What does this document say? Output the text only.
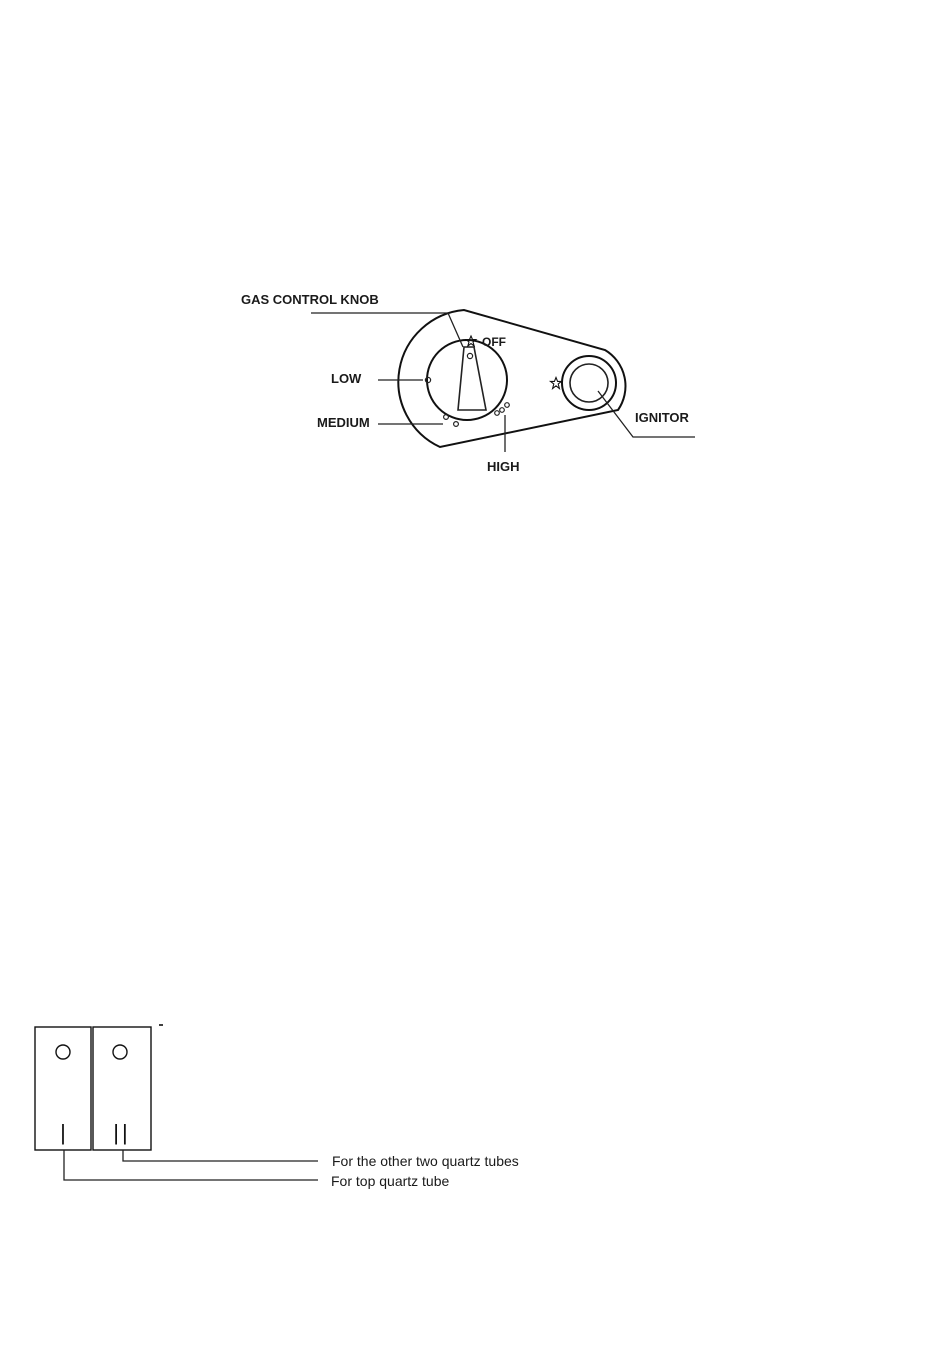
GAS CONTROL KNOB
OFF
LOW
MEDIUM
HIGH
IGNITOR
| ||
For the other two quartz tubes
For top quartz tube
